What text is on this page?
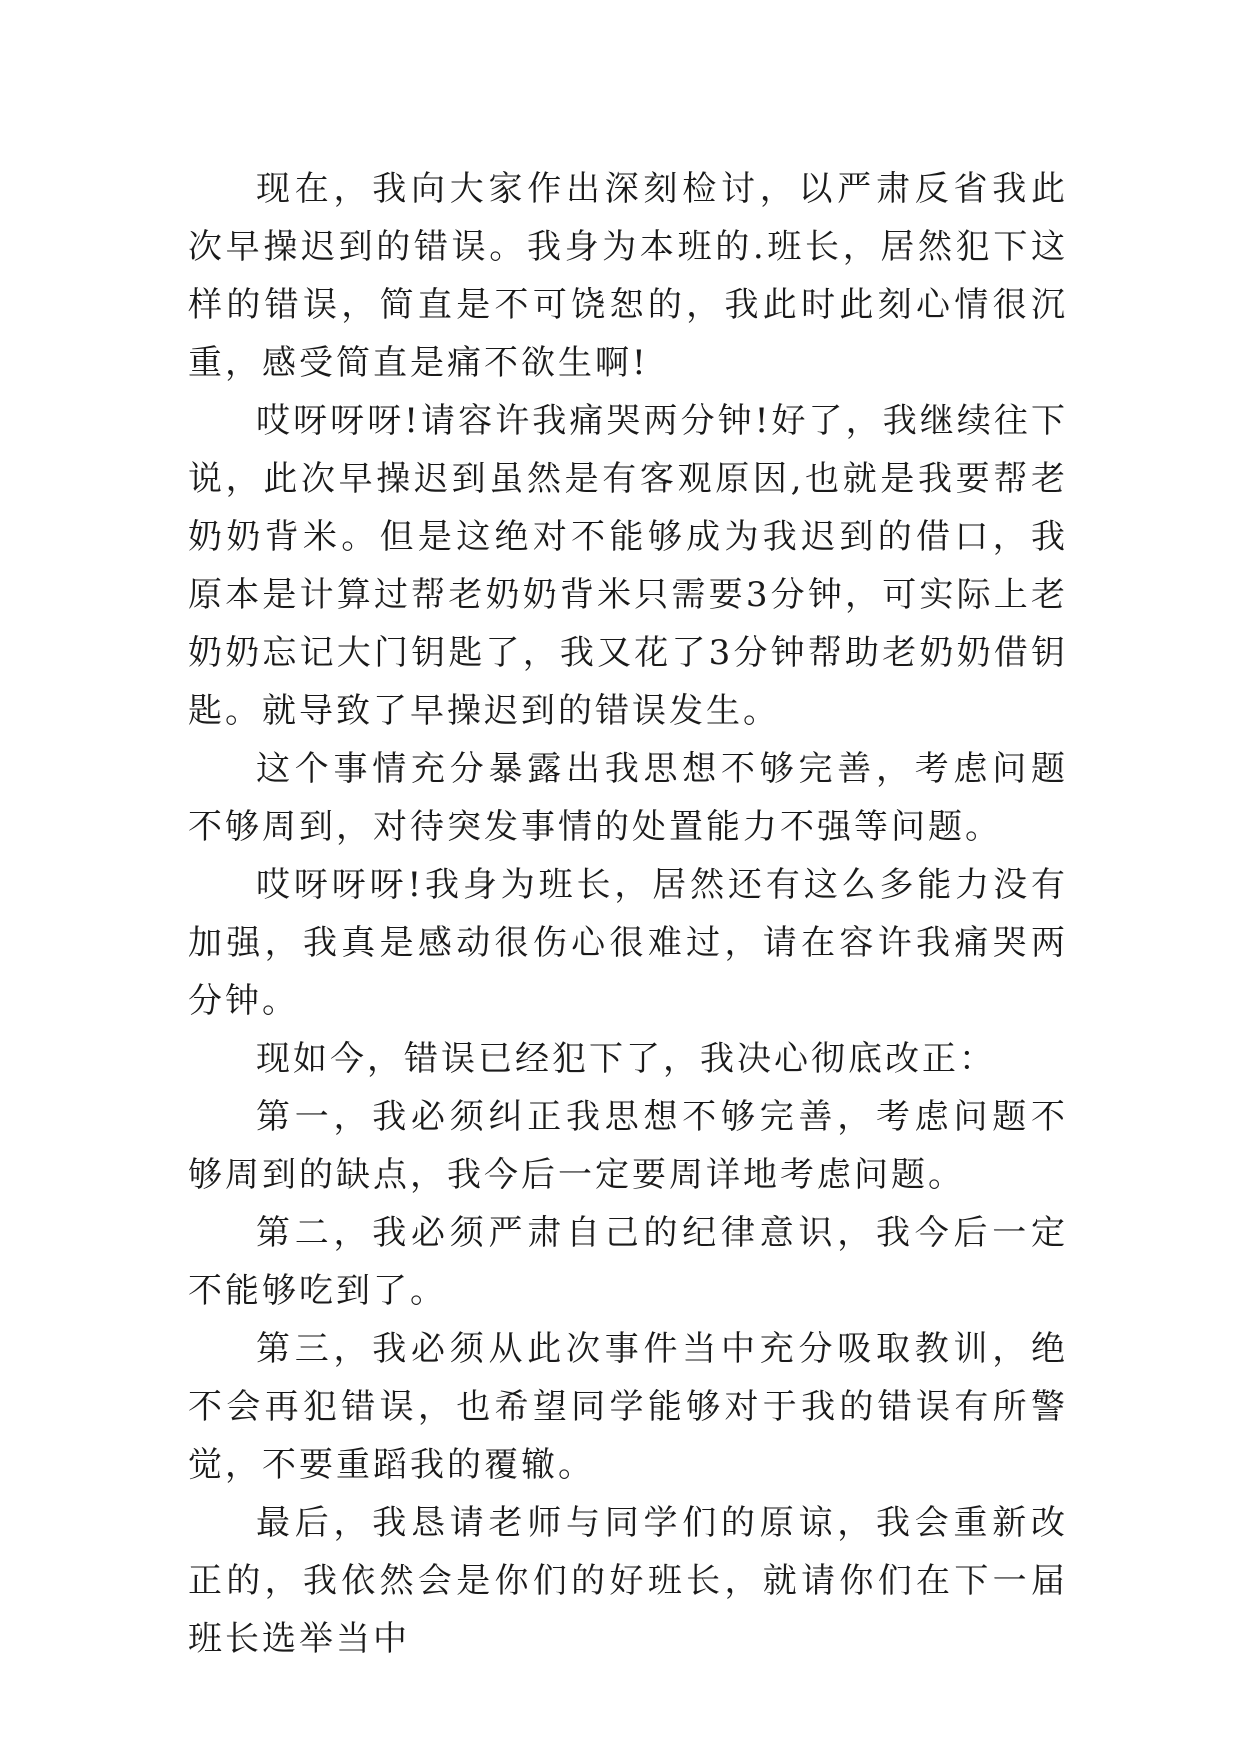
现在，我向大家作出深刻检讨，以严肃反省我此次早操迟到的错误。我身为本班的.班长，居然犯下这样的错误，简直是不可饶恕的，我此时此刻心情很沉重，感受简直是痛不欲生啊!

哎呀呀呀!请容许我痛哭两分钟!好了，我继续往下说，此次早操迟到虽然是有客观原因,也就是我要帮老奶奶背米。但是这绝对不能够成为我迟到的借口，我原本是计算过帮老奶奶背米只需要3分钟，可实际上老奶奶忘记大门钥匙了，我又花了3分钟帮助老奶奶借钥匙。就导致了早操迟到的错误发生。

这个事情充分暴露出我思想不够完善，考虑问题不够周到，对待突发事情的处置能力不强等问题。

哎呀呀呀!我身为班长，居然还有这么多能力没有加强，我真是感动很伤心很难过，请在容许我痛哭两分钟。

现如今，错误已经犯下了，我决心彻底改正：

第一，我必须纠正我思想不够完善，考虑问题不够周到的缺点，我今后一定要周详地考虑问题。

第二，我必须严肃自己的纪律意识，我今后一定不能够吃到了。

第三，我必须从此次事件当中充分吸取教训，绝不会再犯错误，也希望同学能够对于我的错误有所警觉，不要重蹈我的覆辙。

最后，我恳请老师与同学们的原谅，我会重新改正的，我依然会是你们的好班长，就请你们在下一届班长选举当中
